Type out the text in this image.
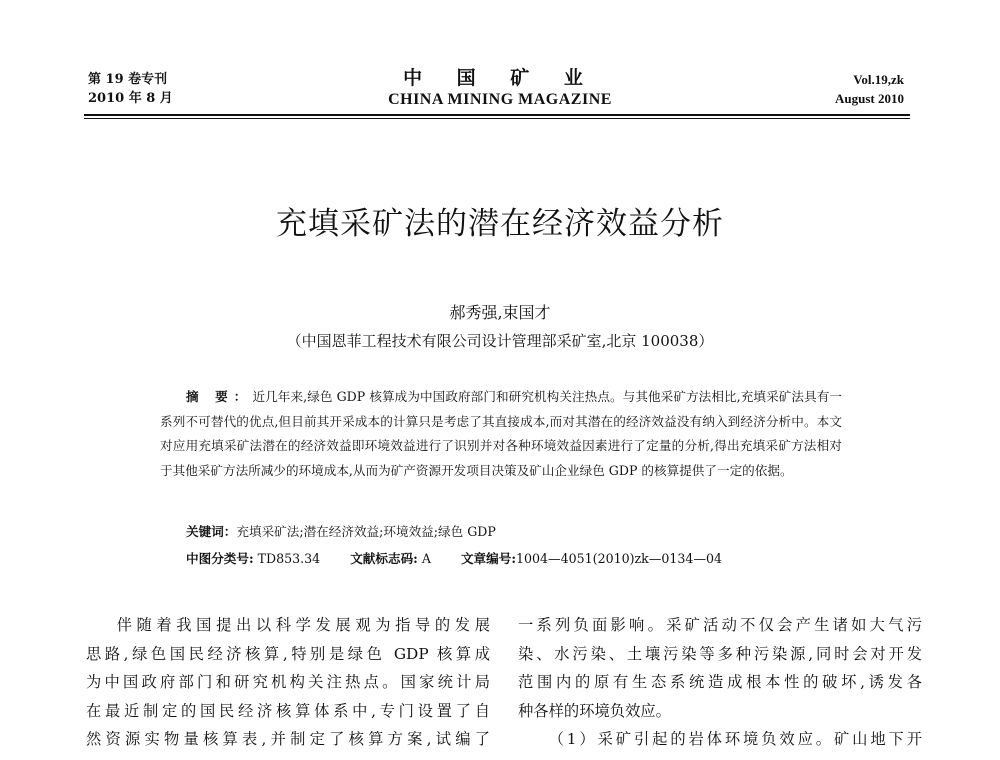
第 19 卷专刊
2010 年 8 月
中 国 矿 业
CHINA MINING MAGAZINE
Vol.19,zk
August 2010
充填采矿法的潜在经济效益分析
郝秀强,束国才
（中国恩菲工程技术有限公司设计管理部采矿室,北京 100038）
摘 要：近几年来,绿色 GDP 核算成为中国政府部门和研究机构关注热点。与其他采矿方法相比,充填采矿法具有一系列不可替代的优点,但目前其开采成本的计算只是考虑了其直接成本,而对其潜在的经济效益没有纳入到经济分析中。本文对应用充填采矿法潜在的经济效益即环境效益进行了识别并对各种环境效益因素进行了定量的分析,得出充填采矿方法相对于其他采矿方法所减少的环境成本,从而为矿产资源开发项目决策及矿山企业绿色 GDP 的核算提供了一定的依据。
关键词：充填采矿法;潜在经济效益;环境效益;绿色 GDP
中图分类号: TD853.34 文献标志码: A 文章编号:1004—4051(2010)zk—0134—04

伴随着我国提出以科学发展观为指导的发展

思路,绿色国民经济核算,特别是绿色 GDP 核算成

为中国政府部门和研究机构关注热点。国家统计局

在最近制定的国民经济核算体系中,专门设置了自

然资源实物量核算表,并制定了核算方案,试编了

一系列负面影响。采矿活动不仅会产生诸如大气污

染、水污染、土壤污染等多种污染源,同时会对开发

范围内的原有生态系统造成根本性的破坏,诱发各

种各样的环境负效应。

（1）采矿引起的岩体环境负效应。矿山地下开
